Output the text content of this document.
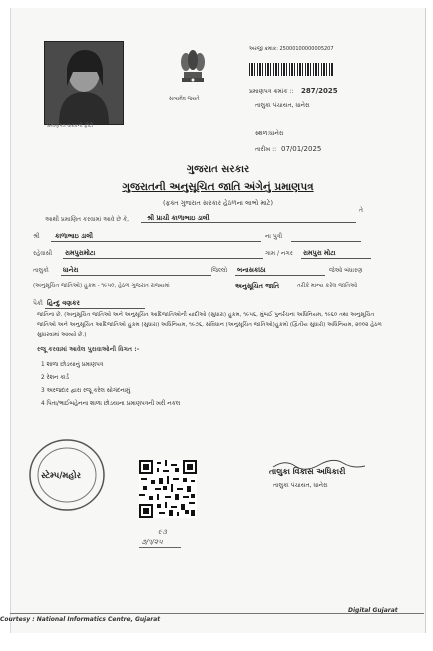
પ્રમાણપત્ર ધારકનો ફોટો
સત્યમેવ જયતે
અરજી ક્રમાંક: 25000100000005207
પ્રમાણપત્ર ક્રમાંક :: 287/2025
તાલુકા પંચાયત, ધાનેરા
સ્થળ:ધાનેરા
તારીખ :: 07/01/2025
ગુજરાત સરકાર
ગુજરાતની અનુસૂચિત જાતિ અંગેનું પ્રમાણપત્ર
(ફક્ત ગુજરાત સરકાર હેઠળના લાભો માટે)
આથી પ્રમાણિત કરવામાં આવે છે કે,	શ્રી પ્રાચી કાળાભાઇ ડાલી
તે
શ્રી કાળાભાઇ ડાલી	ના પુત્રી
રહેવાસી રામપુરામોટા	ગામ / નગર રામપુરા મોટા
તાલુકો ધાનેરા	જિલ્લો બનાસકાંઠા	જેઓ બંધારણ
(અનુસૂચિત જાતિઓ) હુકમ - ૧૯૫૦, હેઠળ ગુજરાત રાજ્યમાં	અનુસૂચિત જાતિ	તરીકે માન્ય કરેલ જાતિઓ
પૈકી હિન્દુ વણકર
જાતિના છે. (અનુસૂચિત જાતિઓ અને અનુસૂચિત આદિજાતિઓની યાદીઓ (સુધારા) હુકમ, ૧૯૫૬, મુંબઈ પુનર્રચના અધિનિયમ, ૧૯૬૦ તથા અનુસૂચિત જાતિઓ અને અનુસૂચિત આદિજાતિઓ હુકમ (સુધારા) અધિનિયમ, ૧૯૭૬, સંવિધાન (અનુસૂચિત જાતિઓ)હુકમો (દ્વિતીય સુધારો) અધિનિયમ, ૨૦૦૨ હેઠળ સુધારવામાં આવ્યો છે.)
રજૂ કરવામાં આવેલ પુરાવાઓની વિગત :-
1 શાળા છોડયાનું પ્રમાણપત્ર
2 રેશન કાર્ડ
3 અરજદાર દ્વારા રજૂ કરેલ સોગંદનામું
4 પિતા/ભાઈબહેનના શાળા છોડયાના પ્રમાણપત્રની ખરી નકલ
સ્ટેમ્પ/મહોર	તાલુકા વિકાસ અધિકારી
તાલુકા પંચાયત, ધાનેરા
૯૩
૭/૧/૨૫
Courtesy : National Informatics Centre, Gujarat
Digital Gujarat
